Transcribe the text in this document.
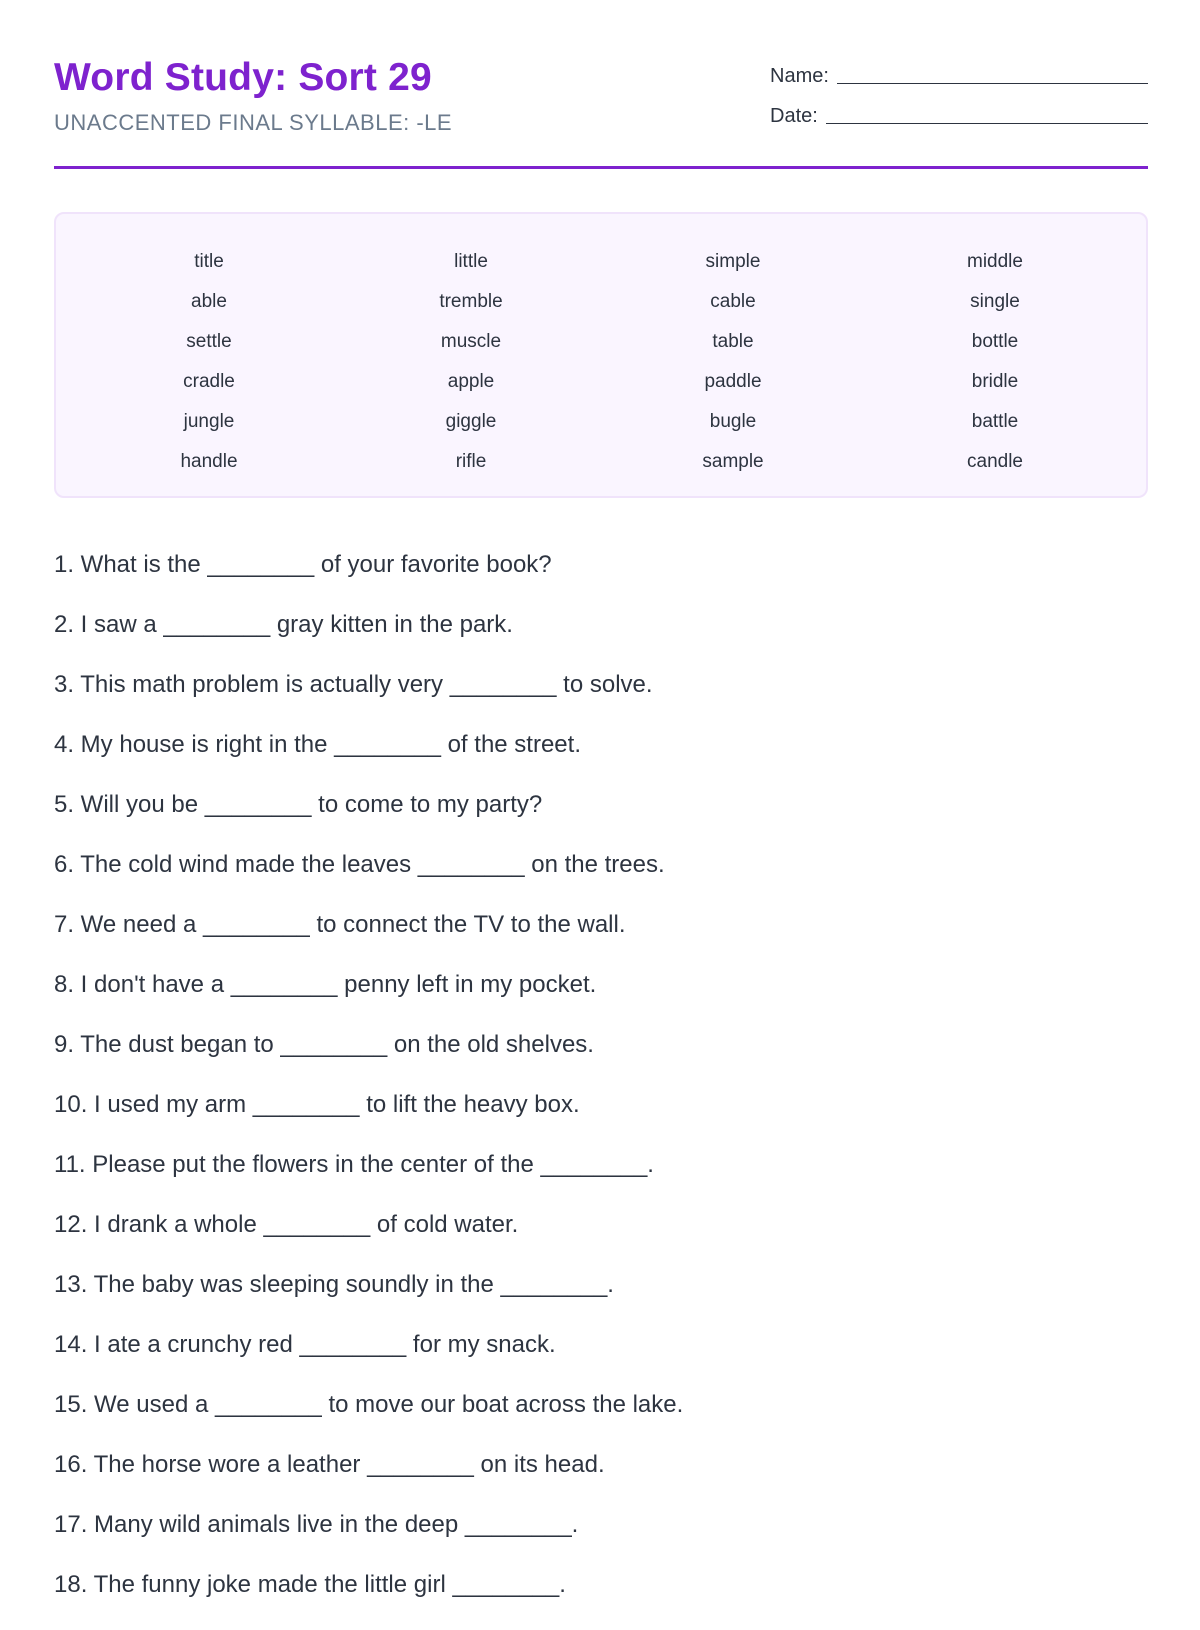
Word Study: Sort 29
UNACCENTED FINAL SYLLABLE: -LE
Name:
Date:
title	little	simple	middle
able	tremble	cable	single
settle	muscle	table	bottle
cradle	apple	paddle	bridle
jungle	giggle	bugle	battle
handle	rifle	sample	candle
1. What is the ________ of your favorite book?
2. I saw a ________ gray kitten in the park.
3. This math problem is actually very ________ to solve.
4. My house is right in the ________ of the street.
5. Will you be ________ to come to my party?
6. The cold wind made the leaves ________ on the trees.
7. We need a ________ to connect the TV to the wall.
8. I don't have a ________ penny left in my pocket.
9. The dust began to ________ on the old shelves.
10. I used my arm ________ to lift the heavy box.
11. Please put the flowers in the center of the ________.
12. I drank a whole ________ of cold water.
13. The baby was sleeping soundly in the ________.
14. I ate a crunchy red ________ for my snack.
15. We used a ________ to move our boat across the lake.
16. The horse wore a leather ________ on its head.
17. Many wild animals live in the deep ________.
18. The funny joke made the little girl ________.
